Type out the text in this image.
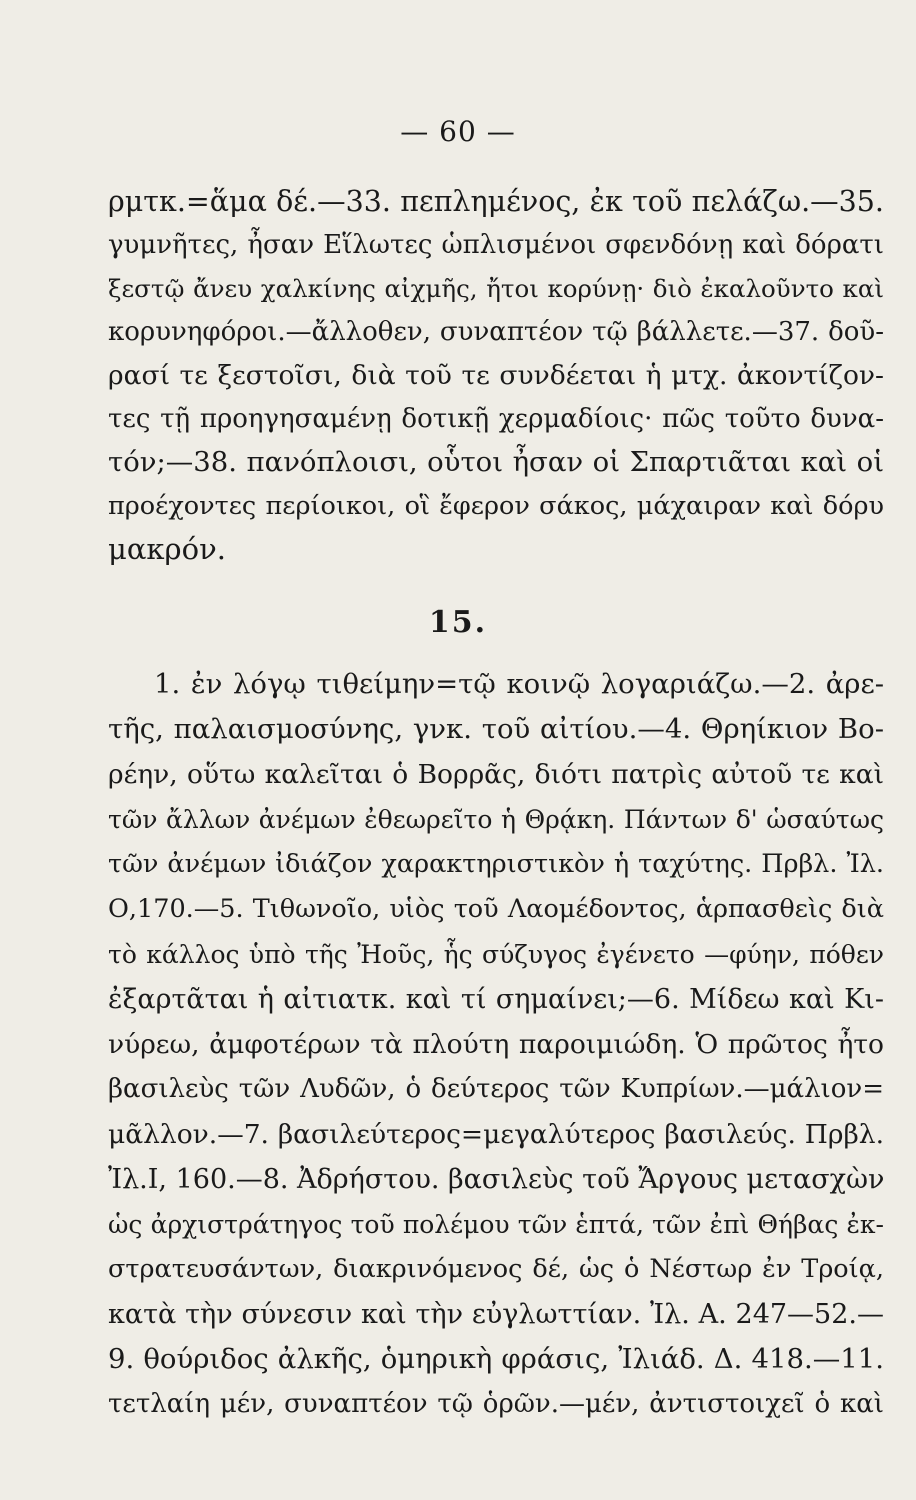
— 60 —
ρμτκ.=ἅμα δέ.—33. πεπλημένος, ἐκ τοῦ πελάζω.—35.
γυμνῆτες, ἦσαν Εἵλωτες ὡπλισμένοι σφενδόνῃ καὶ δόρατι
ξεστῷ ἄνευ χαλκίνης αἰχμῆς, ἤτοι κορύνῃ· διὸ ἐκαλοῦντο καὶ
κορυνηφόροι.—ἄλλοθεν, συναπτέον τῷ βάλλετε.—37. δοῦ-
ρασί τε ξεστοῖσι, διὰ τοῦ τε συνδέεται ἡ μτχ. ἀκοντίζον-
τες τῇ προηγησαμένῃ δοτικῇ χερμαδίοις· πῶς τοῦτο δυνα-
τόν;—38. πανόπλοισι, οὗτοι ἦσαν οἱ Σπαρτιᾶται καὶ οἱ
προέχοντες περίοικοι, οἳ ἔφερον σάκος, μάχαιραν καὶ δόρυ
μακρόν.
15.
1. ἐν λόγῳ τιθείμην=τῷ κοινῷ λογαριάζω.—2. ἀρε-
τῆς, παλαισμοσύνης, γνκ. τοῦ αἰτίου.—4. Θρηίκιον Βο-
ρέην, οὕτω καλεῖται ὁ Βορρᾶς, διότι πατρὶς αὐτοῦ τε καὶ
τῶν ἄλλων ἀνέμων ἐθεωρεῖτο ἡ Θρᾴκη. Πάντων δ' ὡσαύτως
τῶν ἀνέμων ἰδιάζον χαρακτηριστικὸν ἡ ταχύτης. Πρβλ. Ἰλ.
Ο,170.—5. Τιθωνοῖο, υἱὸς τοῦ Λαομέδοντος, ἁρπασθεὶς διὰ
τὸ κάλλος ὑπὸ τῆς Ἠοῦς, ἧς σύζυγος ἐγένετο —φύην, πόθεν
ἐξαρτᾶται ἡ αἰτιατκ. καὶ τί σημαίνει;—6. Μίδεω καὶ Κι-
νύρεω, ἀμφοτέρων τὰ πλούτη παροιμιώδη. Ὁ πρῶτος ἦτο
βασιλεὺς τῶν Λυδῶν, ὁ δεύτερος τῶν Κυπρίων.—μάλιον=
μᾶλλον.—7. βασιλεύτερος=μεγαλύτερος βασιλεύς. Πρβλ.
Ἰλ.Ι, 160.—8. Ἀδρήστου. βασιλεὺς τοῦ Ἄργους μετασχὼν
ὡς ἀρχιστράτηγος τοῦ πολέμου τῶν ἑπτά, τῶν ἐπὶ Θήβας ἐκ-
στρατευσάντων, διακρινόμενος δέ, ὡς ὁ Νέστωρ ἐν Τροίᾳ,
κατὰ τὴν σύνεσιν καὶ τὴν εὐγλωττίαν. Ἰλ. Α. 247—52.—
9. θούριδος ἀλκῆς, ὁμηρικὴ φράσις, Ἰλιάδ. Δ. 418.—11.
τετλαίη μέν, συναπτέον τῷ ὁρῶν.—μέν, ἀντιστοιχεῖ ὁ καὶ
